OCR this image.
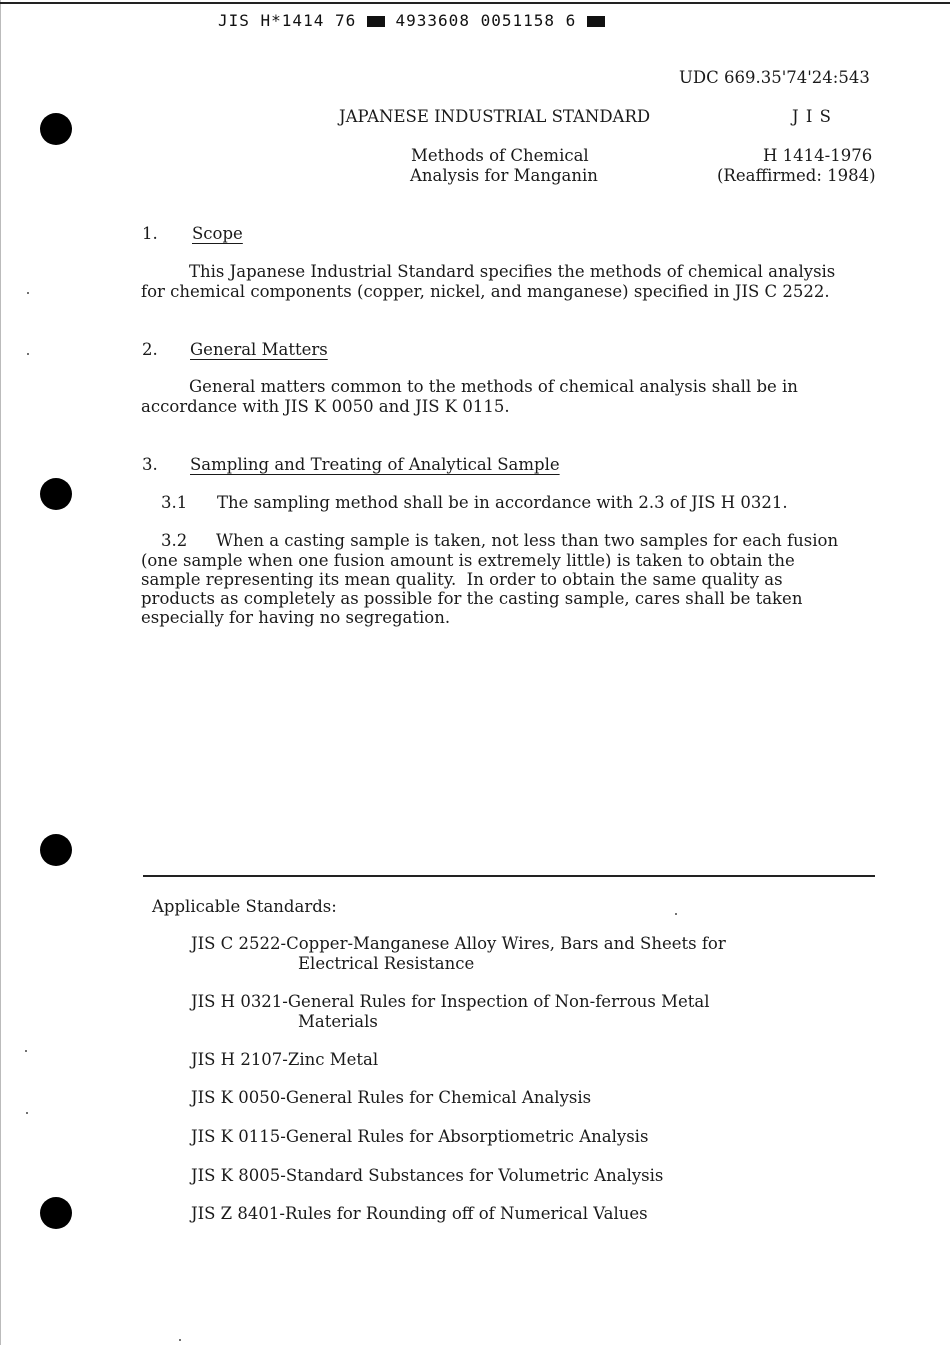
JIS H*1414 76 4933608 0051158 6
UDC 669.35'74'24:543
JAPANESE INDUSTRIAL STANDARD	J I S
Methods of Chemical
Analysis for Manganin
H 1414-1976
(Reaffirmed: 1984)
1. Scope
This Japanese Industrial Standard specifies the methods of chemical analysis
for chemical components (copper, nickel, and manganese) specified in JIS C 2522.
2. General Matters
General matters common to the methods of chemical analysis shall be in
accordance with JIS K 0050 and JIS K 0115.
3. Sampling and Treating of Analytical Sample
3.1 The sampling method shall be in accordance with 2.3 of JIS H 0321.
3.2 When a casting sample is taken, not less than two samples for each fusion
(one sample when one fusion amount is extremely little) is taken to obtain the
sample representing its mean quality.  In order to obtain the same quality as
products as completely as possible for the casting sample, cares shall be taken
especially for having no segregation.
Applicable Standards:
JIS C 2522-Copper-Manganese Alloy Wires, Bars and Sheets for
Electrical Resistance
JIS H 0321-General Rules for Inspection of Non-ferrous Metal
Materials
JIS H 2107-Zinc Metal
JIS K 0050-General Rules for Chemical Analysis
JIS K 0115-General Rules for Absorptiometric Analysis
JIS K 8005-Standard Substances for Volumetric Analysis
JIS Z 8401-Rules for Rounding off of Numerical Values
